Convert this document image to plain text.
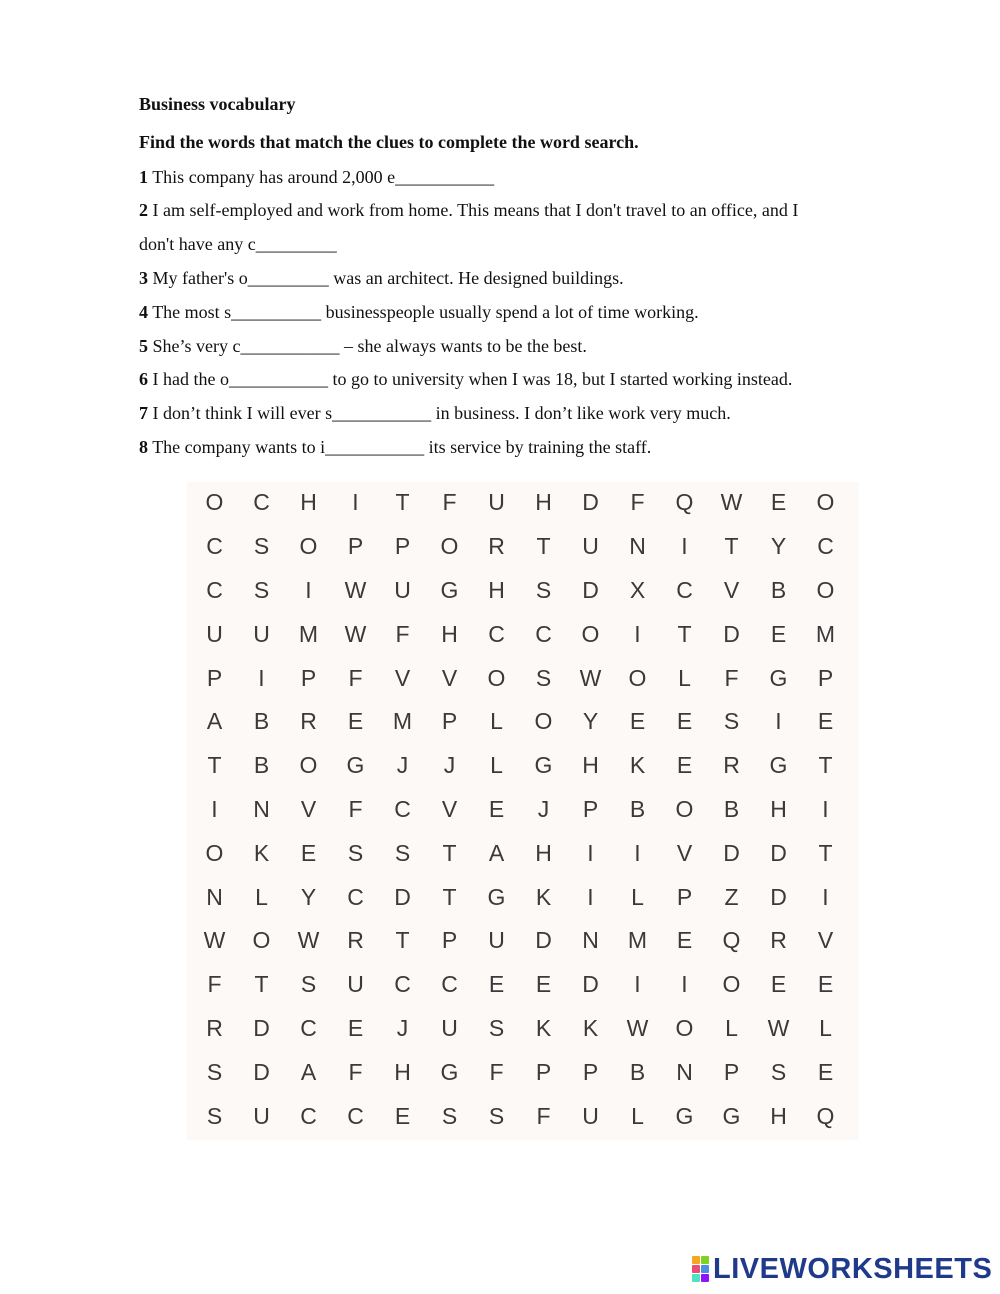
Business vocabulary
Find the words that match the clues to complete the word search.
1 This company has around 2,000 e___________
2 I am self-employed and work from home. This means that I don't travel to an office, and I
don't have any c_________
3 My father's o_________ was an architect. He designed buildings.
4 The most s__________ businesspeople usually spend a lot of time working.
5 She’s very c___________ – she always wants to be the best.
6 I had the o___________ to go to university when I was 18, but I started working instead.
7 I don’t think I will ever s___________ in business. I don’t like work very much.
8 The company wants to i___________ its service by training the staff.
O	C	H	I	T	F	U	H	D	F	Q	W	E	O
C	S	O	P	P	O	R	T	U	N	I	T	Y	C
C	S	I	W	U	G	H	S	D	X	C	V	B	O
U	U	M	W	F	H	C	C	O	I	T	D	E	M
P	I	P	F	V	V	O	S	W	O	L	F	G	P
A	B	R	E	M	P	L	O	Y	E	E	S	I	E
T	B	O	G	J	J	L	G	H	K	E	R	G	T
I	N	V	F	C	V	E	J	P	B	O	B	H	I
O	K	E	S	S	T	A	H	I	I	V	D	D	T
N	L	Y	C	D	T	G	K	I	L	P	Z	D	I
W	O	W	R	T	P	U	D	N	M	E	Q	R	V
F	T	S	U	C	C	E	E	D	I	I	O	E	E
R	D	C	E	J	U	S	K	K	W	O	L	W	L
S	D	A	F	H	G	F	P	P	B	N	P	S	E
S	U	C	C	E	S	S	F	U	L	G	G	H	Q
LIVEWORKSHEETS
